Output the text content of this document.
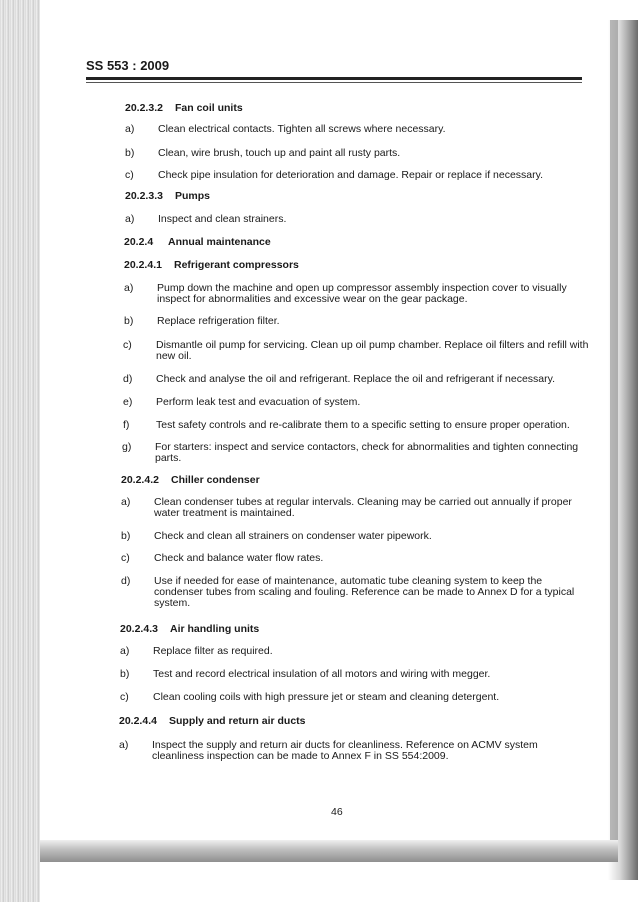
SS 553 : 2009
20.2.3.2 Fan coil units
a) Clean electrical contacts. Tighten all screws where necessary.
b) Clean, wire brush, touch up and paint all rusty parts.
c) Check pipe insulation for deterioration and damage. Repair or replace if necessary.
20.2.3.3 Pumps
a) Inspect and clean strainers.
20.2.4 Annual maintenance
20.2.4.1 Refrigerant compressors
a) Pump down the machine and open up compressor assembly inspection cover to visually
inspect for abnormalities and excessive wear on the gear package.
b) Replace refrigeration filter.
c) Dismantle oil pump for servicing. Clean up oil pump chamber. Replace oil filters and refill with
new oil.
d) Check and analyse the oil and refrigerant. Replace the oil and refrigerant if necessary.
e) Perform leak test and evacuation of system.
f)	Test safety controls and re-calibrate them to a specific setting to ensure proper operation.
g) For starters: inspect and service contactors, check for abnormalities and tighten connecting
parts.
20.2.4.2 Chiller condenser
a) Clean condenser tubes at regular intervals. Cleaning may be carried out annually if proper
water treatment is maintained.
b) Check and clean all strainers on condenser water pipework.
c) Check and balance water flow rates.
d) Use if needed for ease of maintenance, automatic tube cleaning system to keep the
condenser tubes from scaling and fouling. Reference can be made to Annex D for a typical
system.
20.2.4.3 Air handling units
a) Replace filter as required.
b) Test and record electrical insulation of all motors and wiring with megger.
c) Clean cooling coils with high pressure jet or steam and cleaning detergent.
20.2.4.4 Supply and return air ducts
a) Inspect the supply and return air ducts for cleanliness. Reference on ACMV system
cleanliness inspection can be made to Annex F in SS 554:2009.
46
